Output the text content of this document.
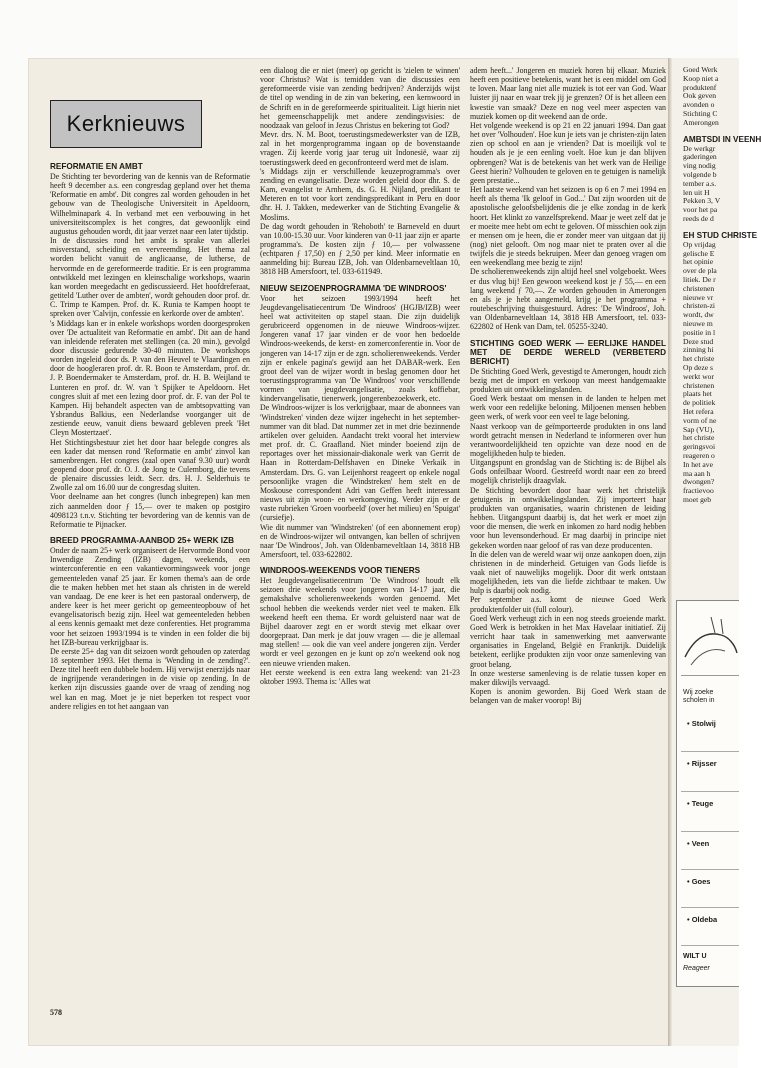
Kerknieuws
REFORMATIE EN AMBT

De Stichting ter bevordering van de kennis van de Reformatie heeft 9 december a.s. een congresdag gepland over het thema 'Reformatie en ambt'. Dit congres zal worden gehouden in het gebouw van de Theologische Universiteit in Apeldoorn, Wilhelminapark 4. In verband met een verbouwing in het universiteitscomplex is het congres, dat gewoonlijk eind augustus gehouden wordt, dit jaar verzet naar een later tijdstip.

In de discussies rond het ambt is sprake van allerlei misverstand, scheiding en vervreemding. Het thema zal worden belicht vanuit de anglicaanse, de lutherse, de hervormde en de gereformeerde traditie. Er is een programma ontwikkeld met lezingen en kleinschalige workshops, waarin kan worden meegedacht en gediscussieerd. Het hoofdreferaat, getiteld 'Luther over de ambten', wordt gehouden door prof. dr. C. Trimp te Kampen. Prof. dr. K. Runia te Kampen hoopt te spreken over 'Calvijn, confessie en kerkorde over de ambten'.

's Middags kan er in enkele workshops worden doorgesproken over 'De actualiteit van Reformatie en ambt'. Dit aan de hand van inleidende referaten met stellingen (ca. 20 min.), gevolgd door discussie gedurende 30-40 minuten. De workshops worden ingeleid door ds. P. van den Heuvel te Vlaardingen en door de hoogleraren prof. dr. R. Boon te Amsterdam, prof. dr. J. P. Boendermaker te Amsterdam, prof. dr. H. B. Weijland te Lunteren en prof. dr. W. van 't Spijker te Apeldoorn. Het congres sluit af met een lezing door prof. dr. F. van der Pol te Kampen. Hij behandelt aspecten van de ambtsopvatting van Ysbrandus Balkius, een Nederlandse voorganger uit de zestiende eeuw, vanuit diens bewaard gebleven preek 'Het Cleyn Mostertzaet'.

Het Stichtingsbestuur ziet het door haar belegde congres als een kader dat mensen rond 'Reformatie en ambt' zinvol kan samenbrengen. Het congres (zaal open vanaf 9.30 uur) wordt geopend door prof. dr. O. J. de Jong te Culemborg, die tevens de plenaire discussies leidt. Secr. drs. H. J. Selderhuis te Zwolle zal om 16.00 uur de congresdag sluiten.

Voor deelname aan het congres (lunch inbegrepen) kan men zich aanmelden door ƒ 15,— over te maken op postgiro 4098123 t.n.v. Stichting ter bevordering van de kennis van de Reformatie te Pijnacker.

BREED PROGRAMMA-AANBOD 25+ WERK IZB

Onder de naam 25+ werk organiseert de Hervormde Bond voor Inwendige Zending (IZB) dagen, weekends, een winterconferentie en een vakantievormingsweek voor jonge gemeenteleden vanaf 25 jaar. Er komen thema's aan de orde die te maken hebben met het staan als christen in de wereld van vandaag. De ene keer is het een pastoraal onderwerp, de andere keer is het meer gericht op gemeenteopbouw of het evangelisatorisch bezig zijn. Heel wat gemeenteleden hebben al eens kennis gemaakt met deze conferenties. Het programma voor het seizoen 1993/1994 is te vinden in een folder die bij het IZB-bureau verkrijgbaar is.

De eerste 25+ dag van dit seizoen wordt gehouden op zaterdag 18 september 1993. Het thema is 'Wending in de zending?'. Deze titel heeft een dubbele bodem. Hij verwijst enerzijds naar de ingrijpende veranderingen in de visie op zending. In de kerken zijn discussies gaande over de vraag of zending nog wel kan en mag. Moet je je niet beperken tot respect voor andere religies en tot het aangaan van

een dialoog die er niet (meer) op gericht is 'zielen te winnen' voor Christus? Wat is temidden van die discussies een gereformeerde visie van zending bedrijven? Anderzijds wijst de titel op wending in de zin van bekering, een kernwoord in de Schrift en in de gereformeerde spiritualiteit. Ligt hierin niet het gemeenschappelijk met andere zendingsvisies: de noodzaak van geloof in Jezus Christus en bekering tot God?

Mevr. drs. N. M. Boot, toerustingsmedewerkster van de IZB, zal in het morgenprogramma ingaan op de bovenstaande vragen. Zij keerde vorig jaar terug uit Indonesië, waar zij toerustingswerk deed en geconfronteerd werd met de islam.

's Middags zijn er verschillende keuzeprogramma's over zending en evangelisatie. Deze worden geleid door dhr. S. de Kam, evangelist te Arnhem, ds. G. H. Nijland, predikant te Meteren en tot voor kort zendingspredikant in Peru en door dhr. H. J. Takken, medewerker van de Stichting Evangelie & Moslims.

De dag wordt gehouden in 'Rehoboth' te Barneveld en duurt van 10.00-15.30 uur. Voor kinderen van 0-11 jaar zijn er aparte programma's. De kosten zijn ƒ 10,— per volwassene (echtparen ƒ 17,50) en ƒ 2,50 per kind. Meer informatie en aanmelding bij: Bureau IZB, Joh. van Oldenbarneveltlaan 10, 3818 HB Amersfoort, tel. 033-611949.

NIEUW SEIZOENPROGRAMMA 'DE WINDROOS'

Voor het seizoen 1993/1994 heeft het Jeugdevangelisatiecentrum 'De Windroos' (HGJB/IZB) weer heel wat activiteiten op stapel staan. Die zijn duidelijk gerubriceerd opgenomen in de nieuwe Windroos-wijzer. Jongeren vanaf 17 jaar vinden er de voor hen bedoelde Windroos-weekends, de kerst- en zomerconferentie in. Voor de jongeren van 14-17 zijn er de zgn. scholierenweekends. Verder zijn er enkele pagina's gewijd aan het DABAR-werk. Een groot deel van de wijzer wordt in beslag genomen door het toerustingsprogramma van 'De Windroos' voor verschillende vormen van jeugdevangelisatie, zoals koffiebar, kindervangelisatie, tienerwerk, jongerenbezoekwerk, etc.

De Windroos-wijzer is los verkrijgbaar, maar de abonnees van 'Windstreken' vinden deze wijzer ingehecht in het september-nummer van dit blad. Dat nummer zet in met drie bezinnende artikelen over geluiden. Aandacht trekt vooral het interview met prof. dr. C. Graafland. Niet minder boeiend zijn de reportages over het missionair-diakonale werk van Gerrit de Haan in Rotterdam-Delfshaven en Dineke Verkaik in Amsterdam. Drs. G. van Leijenhorst reageert op enkele nogal persoonlijke vragen die 'Windstreken' hem stelt en de Moskouse correspondent Adri van Geffen heeft interessant nieuws uit zijn woon- en werkomgeving. Verder zijn er de vaste rubrieken 'Groen voorbeeld' (over het milieu) en 'Spuigat' (cursiefje).

Wie dit nummer van 'Windstreken' (of een abonnement erop) en de Windroos-wijzer wil ontvangen, kan bellen of schrijven naar 'De Windroos', Joh. van Oldenbarneveltlaan 14, 3818 HB Amersfoort, tel. 033-622802.

WINDROOS-WEEKENDS VOOR TIENERS

Het Jeugdevangelisatiecentrum 'De Windroos' houdt elk seizoen drie weekends voor jongeren van 14-17 jaar, die gemakshalve scholierenweekends worden genoemd. Met school hebben die weekends verder niet veel te maken. Elk weekend heeft een thema. Er wordt geluisterd naar wat de Bijbel daarover zegt en er wordt stevig met elkaar over doorgepraat. Dan merk je dat jouw vragen — die je allemaal mag stellen! — ook die van veel andere jongeren zijn. Verder wordt er veel gezongen en je kunt op zo'n weekend ook nog een nieuwe vrienden maken.

Het eerste weekend is een extra lang weekend: van 21-23 oktober 1993. Thema is: 'Alles wat

adem heeft...' Jongeren en muziek horen bij elkaar. Muziek heeft een positieve betekenis, want het is een middel om God te loven. Maar lang niet alle muziek is tot eer van God. Waar luister jij naar en waar trek jij je grenzen? Of is het alleen een kwestie van smaak? Deze en nog veel meer aspecten van muziek komen op dit weekend aan de orde.

Het volgende weekend is op 21 en 22 januari 1994. Dan gaat het over 'Volhouden'. Hoe kun je iets van je christen-zijn laten zien op school en aan je vrienden? Dat is moeilijk vol te houden als je je een eenling voelt. Hoe kun je dan blijven opbrengen? Wat is de betekenis van het werk van de Heilige Geest hierin? Volhouden te geloven en te getuigen is namelijk geen prestatie...

Het laatste weekend van het seizoen is op 6 en 7 mei 1994 en heeft als thema 'Ik geloof in God...' Dat zijn woorden uit de apostolische geloofsbelijdenis die je elke zondag in de kerk hoort. Het klinkt zo vanzelfsprekend. Maar je weet zelf dat je er moeite mee hebt om echt te geloven. Of misschien ook zijn er mensen om je heen, die er zonder meer van uitgaan dat jij (nog) niet gelooft. Om nog maar niet te praten over al die twijfels die je steeds bekruipen. Meer dan genoeg vragen om een weekendlang mee bezig te zijn!

De scholierenweekends zijn altijd heel snel volgeboekt. Wees er dus vlug bij! Een gewoon weekend kost je ƒ 55,— en een lang weekend ƒ 70,—. Ze worden gehouden in Amerongen en als je je hebt aangemeld, krijg je het programma + routebeschrijving thuisgestuurd. Adres: 'De Windroos', Joh. van Oldenbarneveltlaan 14, 3818 HB Amersfoort, tel. 033-622802 of Henk van Dam, tel. 05255-3240.

STICHTING GOED WERK — EERLIJKE HANDEL MET DE DERDE WERELD (VERBETERD BERICHT)

De Stichting Goed Werk, gevestigd te Amerongen, houdt zich bezig met de import en verkoop van meest handgemaakte produkten uit ontwikkelingslanden.

Goed Werk bestaat om mensen in de landen te helpen met werk voor een redelijke beloning. Miljoenen mensen hebben geen werk, of werk voor een veel te lage beloning.

Naast verkoop van de geïmporteerde produkten in ons land wordt getracht mensen in Nederland te informeren over hun verantwoordelijkheid ten opzichte van deze nood en de mogelijkheden hulp te bieden.

Uitgangspunt en grondslag van de Stichting is: de Bijbel als Gods onfeilbaar Woord. Gestreefd wordt naar een zo breed mogelijk christelijk draagvlak.

De Stichting bevordert door haar werk het christelijk getuigenis in ontwikkelingslanden. Zij importeert haar produkten van organisaties, waarin christenen de leiding hebben. Uitgangspunt daarbij is, dat het werk er moet zijn voor die mensen, die werk en inkomen zo hard nodig hebben voor hun levensonderhoud. Er mag daarbij in principe niet gekeken worden naar geloof of ras van deze producenten.

In die delen van de wereld waar wij onze aankopen doen, zijn christenen in de minderheid. Getuigen van Gods liefde is vaak niet of nauwelijks mogelijk. Door dit werk ontstaan mogelijkheden, iets van die liefde zichtbaar te maken. Uw hulp is daarbij ook nodig.

Per september a.s. komt de nieuwe Goed Werk produktenfolder uit (full colour).

Goed Werk verheugt zich in een nog steeds groeiende markt. Goed Werk is betrokken in het Max Havelaar initiatief. Zij verricht haar taak in samenwerking met aanverwante organisaties in Engeland, België en Frankrijk. Duidelijk betekent, eerlijke produkten zijn voor onze samenleving van groot belang.

In onze westerse samenleving is de relatie tussen koper en maker dikwijls vervaagd.

Kopen is anonim geworden. Bij Goed Werk staan de belangen van de maker voorop! Bij

Goed Werk

Koop niet a

produktenf

Ook geven

avonden o

Stichting C

Amerongen

AMBTSDI IN VEENH

De werkgr

gaderingen

ving nodig

volgende b

tember a.s.

len uit H

Pekken 3, V

voor het pa

reeds de d

EH STUD CHRISTE

Op vrijdag

gelische E

het opinie

over de pla

litiek. De r

christenen

nieuwe vr

christen-zi

wordt, dw

nieuwe m

positie in l

Deze stud

zinning hi

het christe

Op deze s

werkt wor

christenen

plaats het

de politiek

Het refera

vorm of ne

Sap (VU),

het christe

geringsvoi

reageren o

In het ave

ma aan h

dwongen?

fractievoo

moet geb

Wij zoeke scholen in
• Stolwij
• Rijsser
• Teuge
• Veen
• Goes
• Oldeba
WILT U
Reageer
578
